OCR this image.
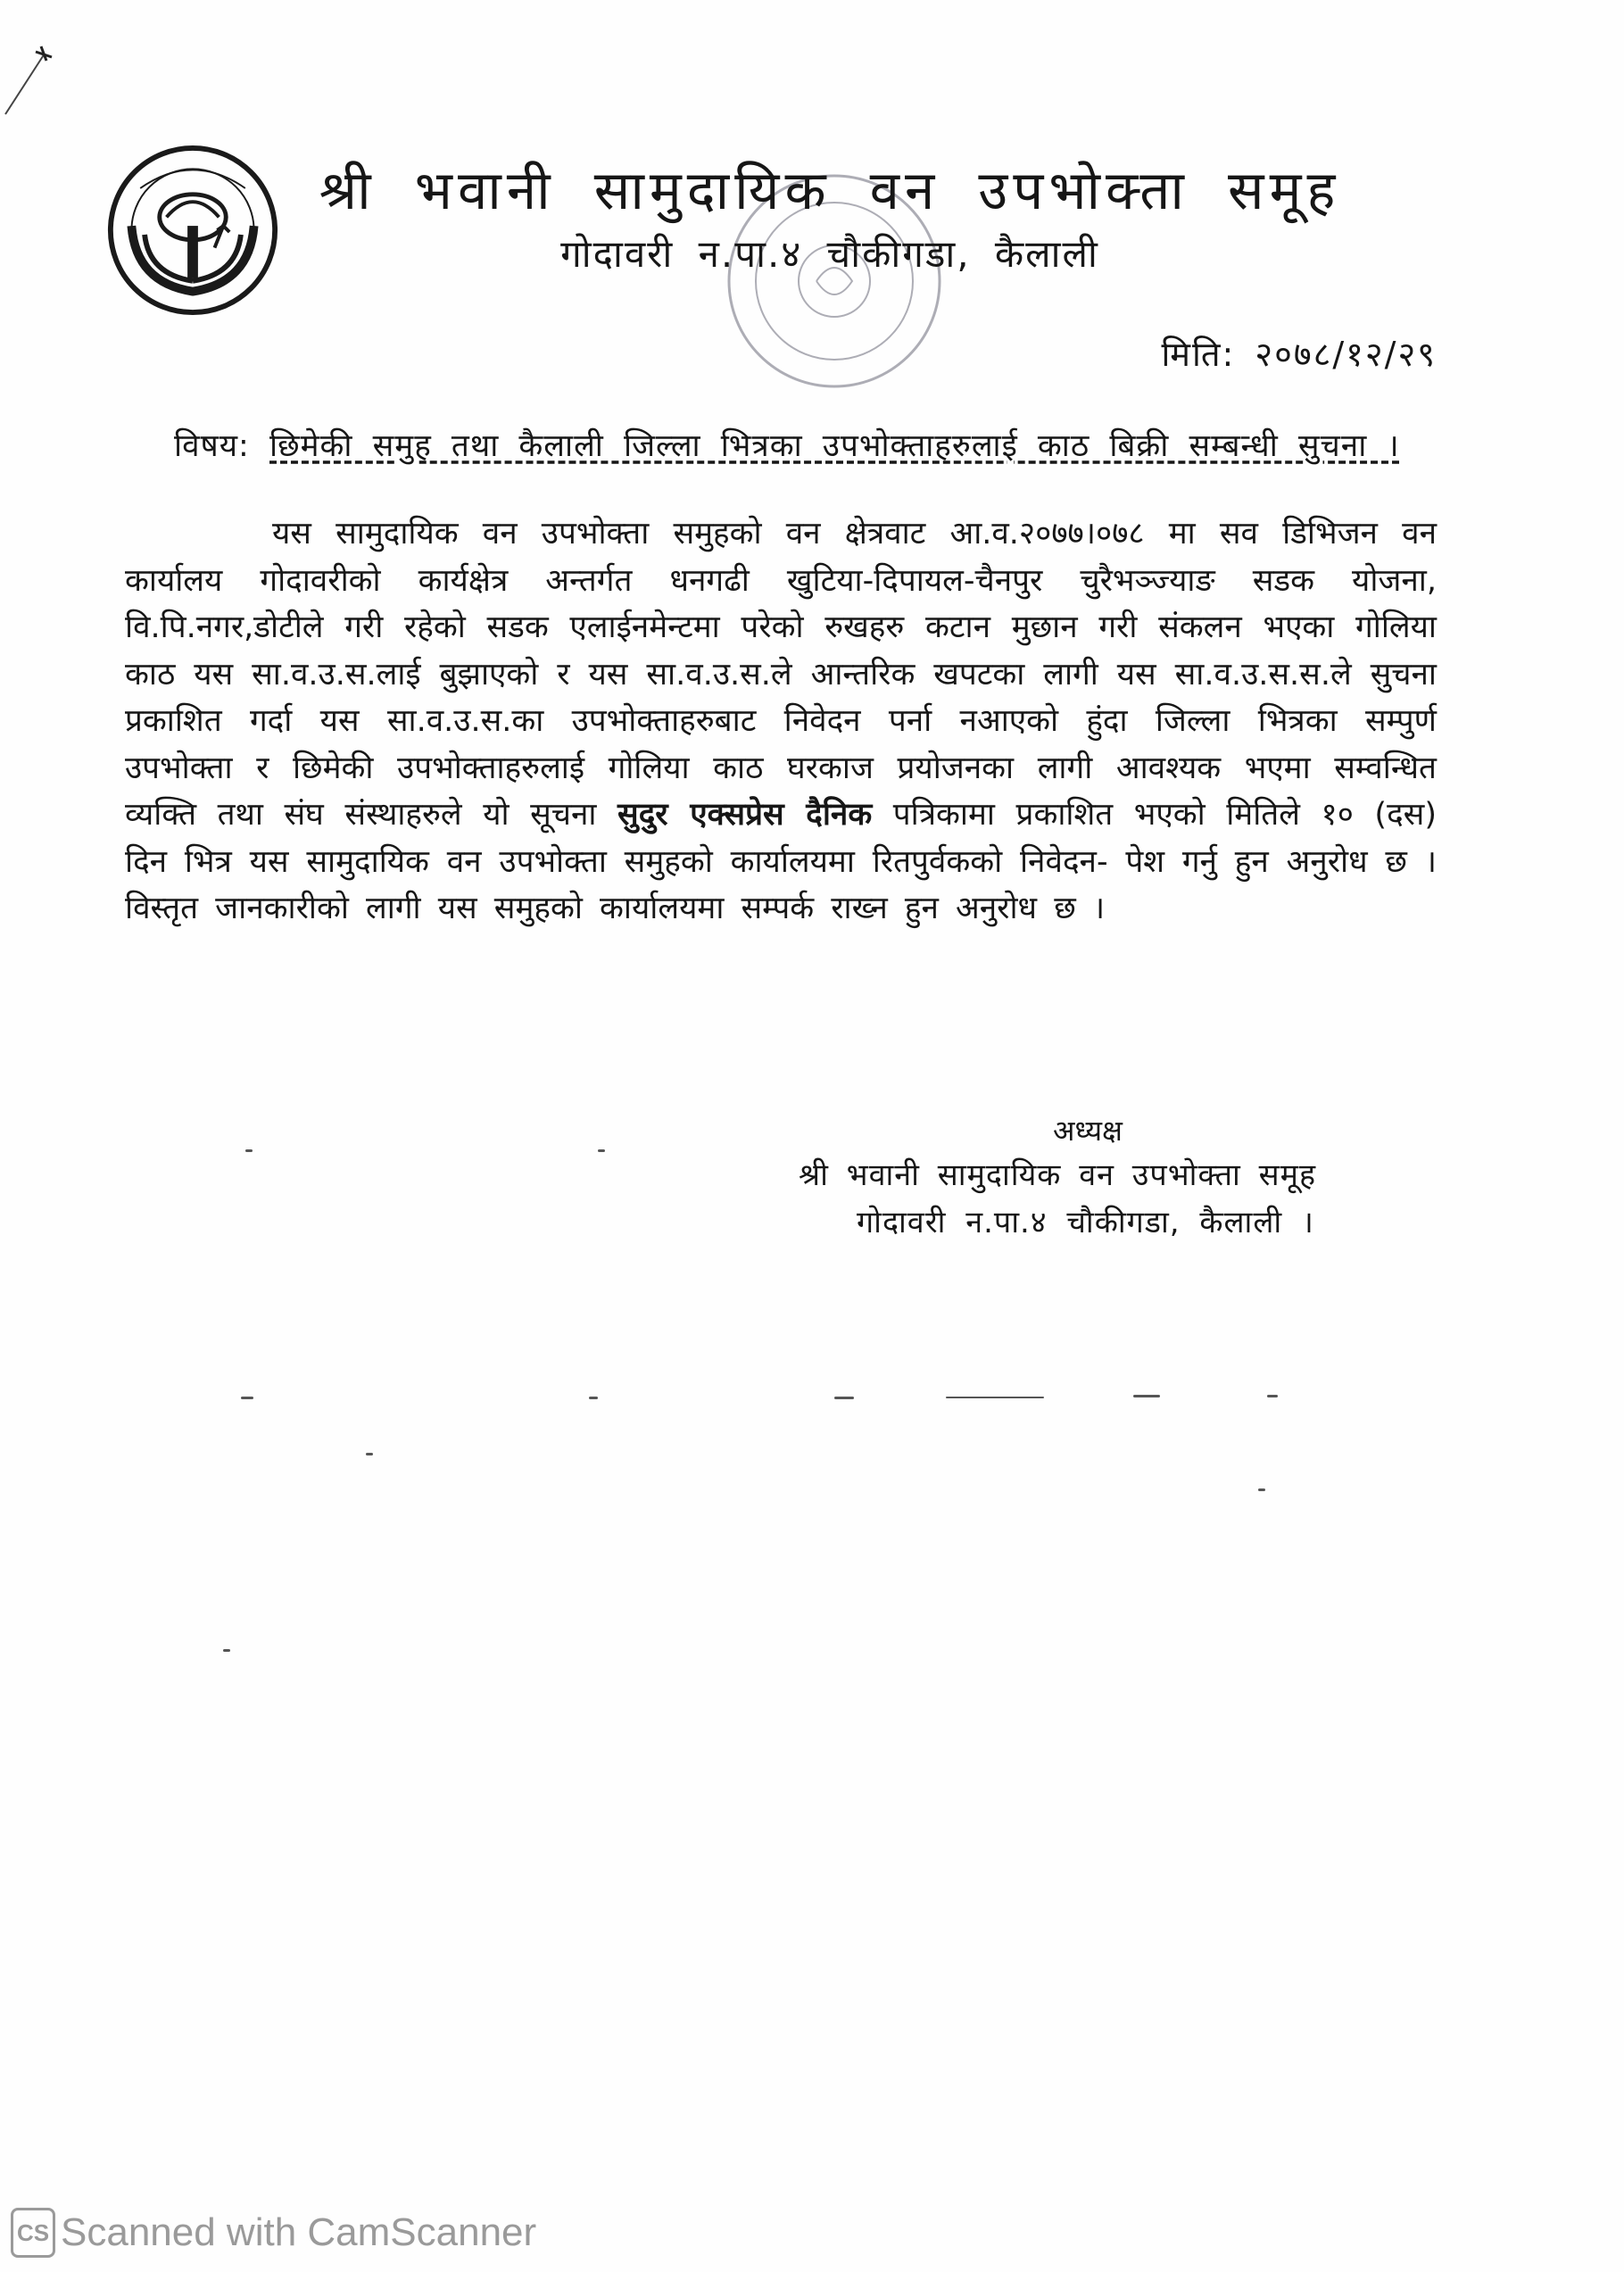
श्री भवानी सामुदायिक वन उपभोक्ता समूह
गोदावरी न.पा.४ चौकीगडा, कैलाली
मिति: २०७८/१२/२९
विषय: छिमेकी समुह तथा कैलाली जिल्ला भित्रका उपभोक्ताहरुलाई काठ बिक्री सम्बन्धी सुचना ।

यस सामुदायिक वन उपभोक्ता समुहको वन क्षेत्रवाट आ.व.२०७७।०७८ मा सव डिभिजन वन कार्यालय गोदावरीको कार्यक्षेत्र अन्तर्गत धनगढी खुटिया-दिपायल-चैनपुर चुरैभञ्ज्याङ सडक योजना, वि.पि.नगर,डोटीले गरी रहेको सडक एलाईनमेन्टमा परेको रुखहरु कटान मुछान गरी संकलन भएका गोलिया काठ यस सा.व.उ.स.लाई बुझाएको र यस सा.व.उ.स.ले आन्तरिक खपटका लागी यस सा.व.उ.स.स.ले सुचना प्रकाशित गर्दा यस सा.व.उ.स.का उपभोक्ताहरुबाट निवेदन पर्ना नआएको हुंदा जिल्ला भित्रका सम्पुर्ण उपभोक्ता र छिमेकी उपभोक्ताहरुलाई गोलिया काठ घरकाज प्रयोजनका लागी आवश्यक भएमा सम्वन्धित व्यक्ति तथा संघ संस्थाहरुले यो सूचना सुदुर एक्सप्रेस दैनिक पत्रिकामा प्रकाशित भएको मितिले १० (दस) दिन भित्र यस सामुदायिक वन उपभोक्ता समुहको कार्यालयमा रितपुर्वकको निवेदन- पेश गर्नु हुन अनुरोध छ । विस्तृत जानकारीको लागी यस समुहको कार्यालयमा सम्पर्क राख्न हुन अनुरोध छ ।

अध्यक्ष
श्री भवानी सामुदायिक वन उपभोक्ता समूह
गोदावरी न.पा.४ चौकीगडा, कैलाली ।
CS Scanned with CamScanner
